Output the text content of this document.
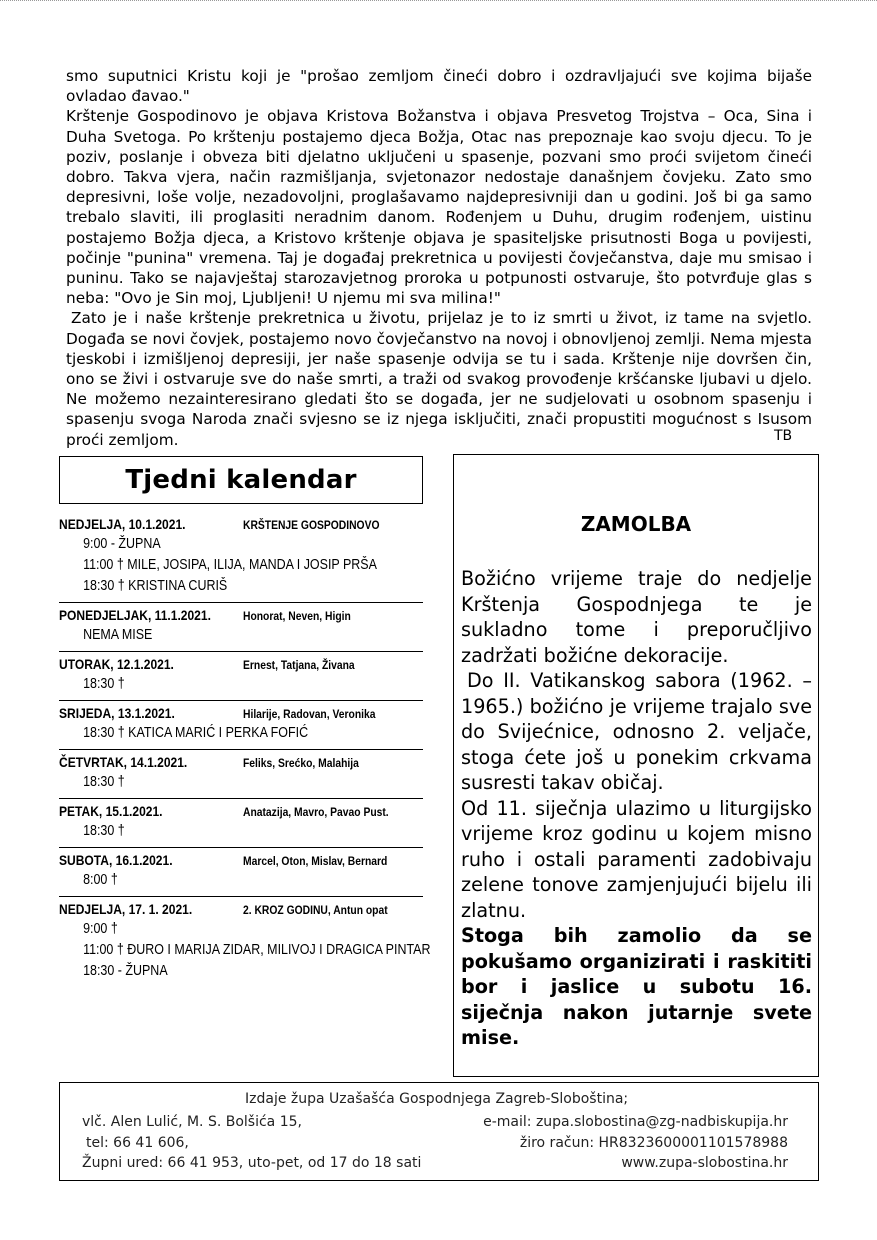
smo suputnici Kristu koji je "prošao zemljom čineći dobro i ozdravljajući sve kojima bijaše ovladao đavao."

Krštenje Gospodinovo je objava Kristova Božanstva i objava Presvetog Trojstva – Oca, Sina i Duha Svetoga. Po krštenju postajemo djeca Božja, Otac nas prepoznaje kao svoju djecu. To je poziv, poslanje i obveza biti djelatno uključeni u spasenje, pozvani smo proći svijetom čineći dobro. Takva vjera, način razmišljanja, svjetonazor nedostaje današnjem čovjeku. Zato smo depresivni, loše volje, nezadovoljni, proglašavamo najdepresivniji dan u godini. Još bi ga samo trebalo slaviti, ili proglasiti neradnim danom. Rođenjem u Duhu, drugim rođenjem, uistinu postajemo Božja djeca, a Kristovo krštenje objava je spasiteljske prisutnosti Boga u povijesti, počinje "punina" vremena. Taj je događaj prekretnica u povijesti čovječanstva, daje mu smisao i puninu. Tako se najavještaj starozavjetnog proroka u potpunosti ostvaruje, što potvrđuje glas s neba: "Ovo je Sin moj, Ljubljeni! U njemu mi sva milina!"

Zato je i naše krštenje prekretnica u životu, prijelaz je to iz smrti u život, iz tame na svjetlo. Događa se novi čovjek, postajemo novo čovječanstvo na novoj i obnovljenoj zemlji. Nema mjesta tjeskobi i izmišljenoj depresiji, jer naše spasenje odvija se tu i sada. Krštenje nije dovršen čin, ono se živi i ostvaruje sve do naše smrti, a traži od svakog provođenje kršćanske ljubavi u djelo. Ne možemo nezainteresirano gledati što se događa, jer ne sudjelovati u osobnom spasenju i spasenju svoga Naroda znači svjesno se iz njega isključiti, znači propustiti mogućnost s Isusom proći zemljom.	TB
Tjedni kalendar
NEDJELJA, 10.1.2021.	KRŠTENJE GOSPODINOVO
9:00 - ŽUPNA
11:00 † MILE, JOSIPA, ILIJA, MANDA I JOSIP PRŠA
18:30 † KRISTINA CURIŠ
PONEDJELJAK, 11.1.2021.	Honorat, Neven, Higin
NEMA MISE
UTORAK, 12.1.2021.	Ernest, Tatjana, Živana
18:30 †
SRIJEDA, 13.1.2021.	Hilarije, Radovan, Veronika
18:30 † KATICA MARIĆ I PERKA FOFIĆ
ČETVRTAK, 14.1.2021.	Feliks, Srećko, Malahija
18:30 †
PETAK, 15.1.2021.	Anatazija, Mavro, Pavao Pust.
18:30 †
SUBOTA, 16.1.2021.	Marcel, Oton, Mislav, Bernard
8:00 †
NEDJELJA, 17. 1. 2021.	2. KROZ GODINU, Antun opat
9:00 †
11:00 † ĐURO I MARIJA ZIDAR, MILIVOJ I DRAGICA PINTAR
18:30 - ŽUPNA
ZAMOLBA

Božićno vrijeme traje do nedjelje Krštenja Gospodnjega te je sukladno tome i preporučljivo zadržati božićne dekoracije.

Do II. Vatikanskog sabora (1962. – 1965.) božićno je vrijeme trajalo sve do Svijećnice, odnosno 2. veljače, stoga ćete još u ponekim crkvama susresti takav običaj.

Od 11. siječnja ulazimo u liturgijsko vrijeme kroz godinu u kojem misno ruho i ostali paramenti zadobivaju zelene tonove zamjenjujući bijelu ili zlatnu.

Stoga bih zamolio da se pokušamo organizirati i raskititi bor i jaslice u subotu 16. siječnja nakon jutarnje svete mise.

Izdaje župa Uzašašća Gospodnjega Zagreb-Sloboština;
vlč. Alen Lulić, M. S. Bolšića 15,	e-mail: zupa.slobostina@zg-nadbiskupija.hr
tel: 66 41 606,	žiro račun: HR8323600001101578988
Župni ured: 66 41 953, uto-pet, od 17 do 18 sati	www.zupa-slobostina.hr
